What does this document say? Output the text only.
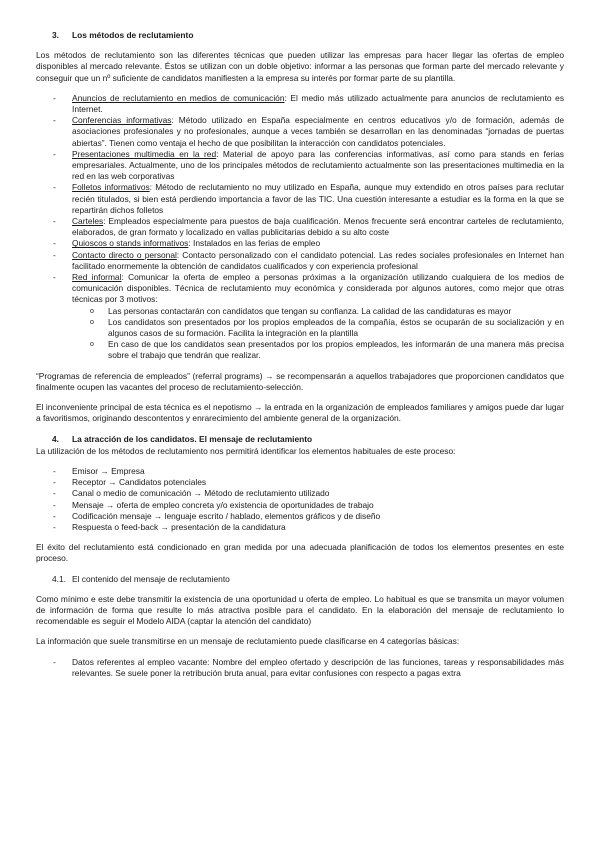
3. Los métodos de reclutamiento

Los métodos de reclutamiento son las diferentes técnicas que pueden utilizar las empresas para hacer llegar las ofertas de empleo disponibles al mercado relevante. Éstos se utilizan con un doble objetivo: informar a las personas que forman parte del mercado relevante y conseguir que un nº suficiente de candidatos manifiesten a la empresa su interés por formar parte de su plantilla.

- Anuncios de reclutamiento en medios de comunicación: El medio más utilizado actualmente para anuncios de reclutamiento es Internet.
- Conferencias informativas: Método utilizado en España especialmente en centros educativos y/o de formación, además de asociaciones profesionales y no profesionales, aunque a veces también se desarrollan en las denominadas “jornadas de puertas abiertas”. Tienen como ventaja el hecho de que posibilitan la interacción con candidatos potenciales.
- Presentaciones multimedia en la red: Material de apoyo para las conferencias informativas, así como para stands en ferias empresariales. Actualmente, uno de los principales métodos de reclutamiento actualmente son las presentaciones multimedia en la red en las web corporativas
- Folletos informativos: Método de reclutamiento no muy utilizado en España, aunque muy extendido en otros países para reclutar recién titulados, si bien está perdiendo importancia a favor de las TIC. Una cuestión interesante a estudiar es la forma en la que se repartirán dichos folletos
- Carteles: Empleados especialmente para puestos de baja cualificación. Menos frecuente será encontrar carteles de reclutamiento, elaborados, de gran formato y localizado en vallas publicitarias debido a su alto coste
- Quioscos o stands informativos: Instalados en las ferias de empleo
- Contacto directo o personal: Contacto personalizado con el candidato potencial. Las redes sociales profesionales en Internet han facilitado enormemente la obtención de candidatos cualificados y con experiencia profesional
- Red informal: Comunicar la oferta de empleo a personas próximas a la organización utilizando cualquiera de los medios de comunicación disponibles. Técnica de reclutamiento muy económica y considerada por algunos autores, como mejor que otras técnicas por 3 motivos:
o Las personas contactarán con candidatos que tengan su confianza. La calidad de las candidaturas es mayor
o Los candidatos son presentados por los propios empleados de la compañía, éstos se ocuparán de su socialización y en algunos casos de su formación. Facilita la integración en la plantilla
o En caso de que los candidatos sean presentados por los propios empleados, les informarán de una manera más precisa sobre el trabajo que tendrán que realizar.

“Programas de referencia de empleados” (referral programs) → se recompensarán a aquellos trabajadores que proporcionen candidatos que finalmente ocupen las vacantes del proceso de reclutamiento-selección.

El inconveniente principal de esta técnica es el nepotismo → la entrada en la organización de empleados familiares y amigos puede dar lugar a favoritismos, originando descontentos y enrarecimiento del ambiente general de la organización.

4. La atracción de los candidatos. El mensaje de reclutamiento

La utilización de los métodos de reclutamiento nos permitirá identificar los elementos habituales de este proceso:

- Emisor → Empresa
- Receptor → Candidatos potenciales
- Canal o medio de comunicación → Método de reclutamiento utilizado
- Mensaje → oferta de empleo concreta y/o existencia de oportunidades de trabajo
- Codificación mensaje → lenguaje escrito / hablado, elementos gráficos y de diseño
- Respuesta o feed-back → presentación de la candidatura

El éxito del reclutamiento está condicionado en gran medida por una adecuada planificación de todos los elementos presentes en este proceso.

4.1. El contenido del mensaje de reclutamiento

Como mínimo e este debe transmitir la existencia de una oportunidad u oferta de empleo. Lo habitual es que se transmita un mayor volumen de información de forma que resulte lo más atractiva posible para el candidato. En la elaboración del mensaje de reclutamiento lo recomendable es seguir el Modelo AIDA (captar la atención del candidato)

La información que suele transmitirse en un mensaje de reclutamiento puede clasificarse en 4 categorías básicas:

- Datos referentes al empleo vacante: Nombre del empleo ofertado y descripción de las funciones, tareas y responsabilidades más relevantes. Se suele poner la retribución bruta anual, para evitar confusiones con respecto a pagas extra
